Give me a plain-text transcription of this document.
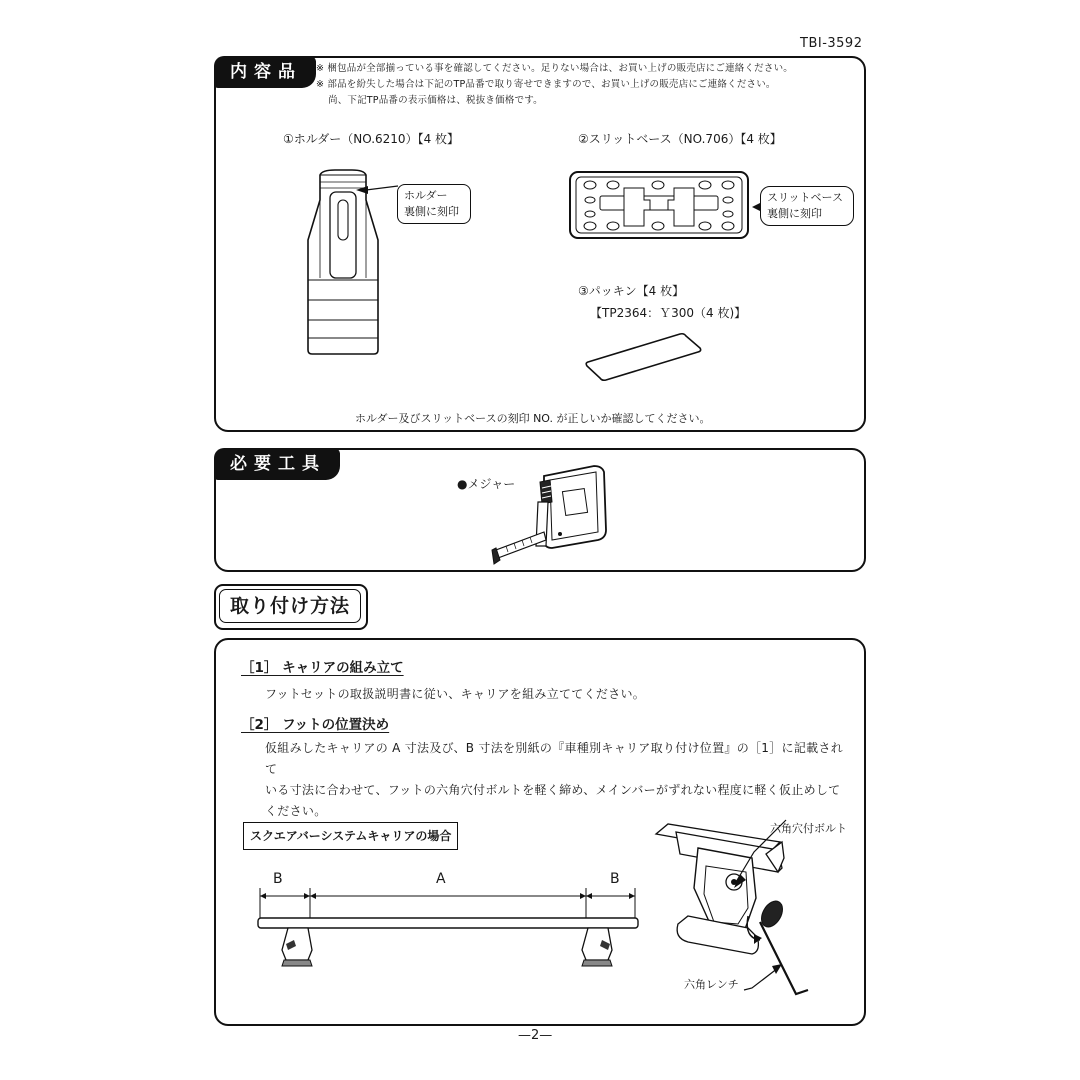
TBI-3592
内容品	※ 梱包品が全部揃っている事を確認してください。足りない場合は、お買い上げの販売店にご連絡ください。
※ 部品を紛失した場合は下記のTP品番で取り寄せできますので、お買い上げの販売店にご連絡ください。
尚、下記TP品番の表示価格は、税抜き価格です。
①ホルダー（NO.6210）【4 枚】	②スリットベース（NO.706）【4 枚】
ホルダー
裏側に刻印
スリットベース
裏側に刻印
③パッキン【4 枚】
【TP2364：Ｙ300（4 枚)】
ホルダー及びスリットベースの刻印 NO. が正しいか確認してください。
必要工具
●メジャー
取り付け方法
［1］ キャリアの組み立て
フットセットの取扱説明書に従い、キャリアを組み立ててください。
［2］ フットの位置決め
仮組みしたキャリアの A 寸法及び、B 寸法を別紙の『車種別キャリア取り付け位置』の［1］に記載されて
いる寸法に合わせて、フットの六角穴付ボルトを軽く締め、メインバーがずれない程度に軽く仮止めして
ください。
スクエアバーシステムキャリアの場合
B	A	B
六角穴付ボルト
六角レンチ
—2—
